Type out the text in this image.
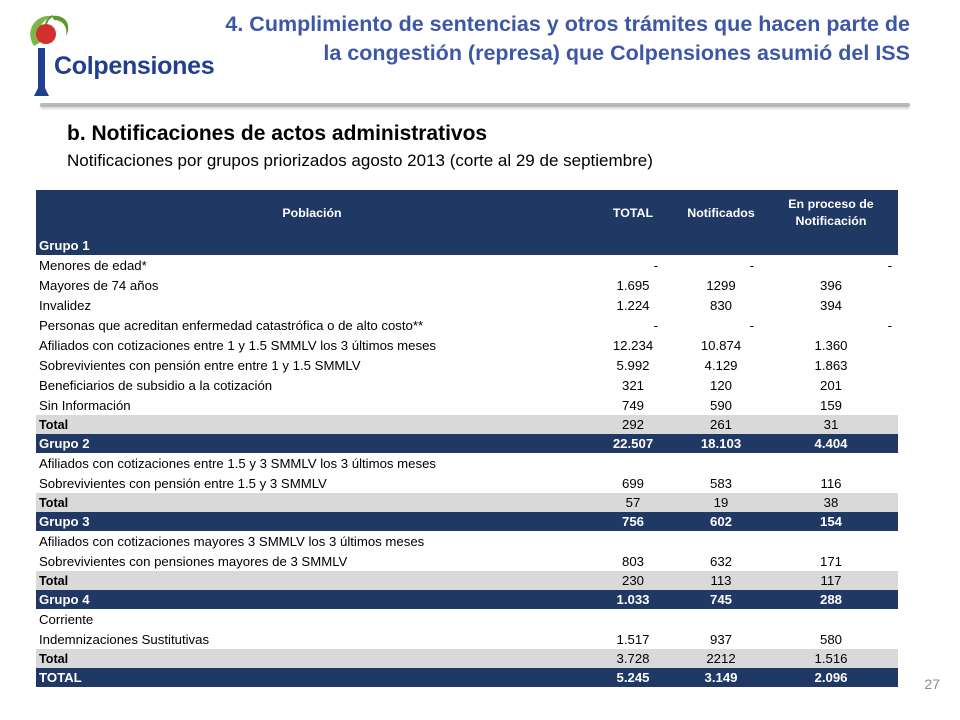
Colpensiones
4. Cumplimiento de sentencias y otros trámites que hacen parte de la congestión (represa) que Colpensiones asumió del ISS
b. Notificaciones de actos administrativos
Notificaciones por grupos priorizados agosto 2013 (corte al 29 de septiembre)
Población	TOTAL	Notificados	En proceso de Notificación
Grupo 1			
Menores de edad*	-	-	-
Mayores de 74 años	1.695	1299	396
Invalidez	1.224	830	394
Personas que acreditan enfermedad catastrófica o de alto costo**	-	-	-
Afiliados con cotizaciones entre 1 y 1.5 SMMLV los 3 últimos meses	12.234	10.874	1.360
Sobrevivientes con pensión entre entre 1 y 1.5 SMMLV	5.992	4.129	1.863
Beneficiarios de subsidio a la cotización	321	120	201
Sin Información	749	590	159
Total	292	261	31
Grupo 2	22.507	18.103	4.404
Afiliados con cotizaciones entre 1.5 y 3 SMMLV los 3 últimos meses			
Sobrevivientes con pensión entre 1.5 y 3 SMMLV	699	583	116
Total	57	19	38
Grupo 3	756	602	154
Afiliados con cotizaciones mayores 3 SMMLV los 3 últimos meses			
Sobrevivientes con pensiones mayores de 3 SMMLV	803	632	171
Total	230	113	117
Grupo 4	1.033	745	288
Corriente			
Indemnizaciones Sustitutivas	1.517	937	580
Total	3.728	2212	1.516
TOTAL	5.245	3.149	2.096	27
